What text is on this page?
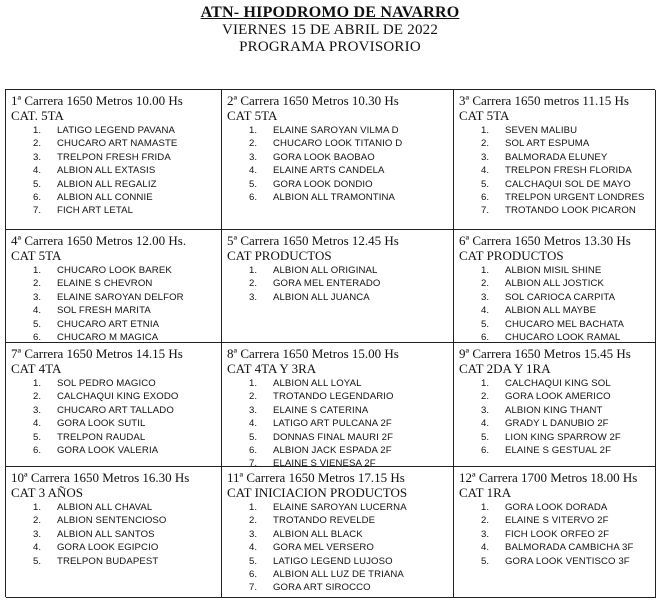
ATN- HIPODROMO DE NAVARRO
VIERNES 15 DE ABRIL DE 2022
PROGRAMA PROVISORIO
1ª Carrera 1650 Metros 10.00 Hs
CAT. 5TA
1.	LATIGO LEGEND PAVANA
2.	CHUCARO ART NAMASTE
3.	TRELPON FRESH FRIDA
4.	ALBION ALL EXTASIS
5.	ALBION ALL REGALIZ
6.	ALBION ALL CONNIE
7.	FICH ART LETAL
2ª Carrera 1650 Metros 10.30 Hs
CAT 5TA
1.	ELAINE SAROYAN VILMA D
2.	CHUCARO LOOK TITANIO D
3.	GORA LOOK BAOBAO
4.	ELAINE ARTS CANDELA
5.	GORA LOOK DONDIO
6.	ALBION ALL TRAMONTINA
3ª Carrera 1650 metros 11.15 Hs
CAT 5TA
1.	SEVEN MALIBU
2.	SOL ART ESPUMA
3.	BALMORADA ELUNEY
4.	TRELPON FRESH FLORIDA
5.	CALCHAQUI SOL DE MAYO
6.	TRELPON URGENT LONDRES
7.	TROTANDO LOOK PICARON
4ª Carrera 1650 Metros 12.00 Hs.
CAT 5TA
1.	CHUCARO LOOK BAREK
2.	ELAINE S CHEVRON
3.	ELAINE SAROYAN DELFOR
4.	SOL FRESH MARITA
5.	CHUCARO ART ETNIA
6.	CHUCARO M MAGICA
5ª Carrera 1650 Metros 12.45 Hs
CAT PRODUCTOS
1.	ALBION ALL ORIGINAL
2.	GORA MEL ENTERADO
3.	ALBION ALL JUANCA
6ª Carrera 1650 Metros 13.30 Hs
CAT PRODUCTOS
1.	ALBION MISIL SHINE
2.	ALBION ALL JOSTICK
3.	SOL CARIOCA CARPITA
4.	ALBION ALL MAYBE
5.	CHUCARO MEL BACHATA
6.	CHUCARO LOOK RAMAL
7ª Carrera 1650 Metros 14.15 Hs
CAT 4TA
1.	SOL PEDRO MAGICO
2.	CALCHAQUI KING EXODO
3.	CHUCARO ART TALLADO
4.	GORA LOOK SUTIL
5.	TRELPON RAUDAL
6.	GORA LOOK VALERIA
8ª Carrera 1650 Metros 15.00 Hs
CAT 4TA Y 3RA
1.	ALBION ALL LOYAL
2.	TROTANDO LEGENDARIO
3.	ELAINE S CATERINA
4.	LATIGO ART PULCANA 2F
5.	DONNAS FINAL MAURI 2F
6.	ALBION JACK ESPADA 2F
7.	ELAINE S VIENESA 2F
9ª Carrera 1650 Metros 15.45 Hs
CAT 2DA Y 1RA
1.	CALCHAQUI KING SOL
2.	GORA LOOK AMERICO
3.	ALBION KING THANT
4.	GRADY L DANUBIO 2F
5.	LION KING SPARROW 2F
6.	ELAINE S GESTUAL 2F
10ª Carrera 1650 Metros 16.30 Hs
CAT 3 AÑOS
1.	ALBION ALL CHAVAL
2.	ALBION SENTENCIOSO
3.	ALBION ALL SANTOS
4.	GORA LOOK EGIPCIO
5.	TRELPON BUDAPEST
11ª Carrera 1650 Metros 17.15 Hs
CAT INICIACION PRODUCTOS
1.	ELAINE SAROYAN LUCERNA
2.	TROTANDO REVELDE
3.	ALBION ALL BLACK
4.	GORA MEL VERSERO
5.	LATIGO LEGEND LUJOSO
6.	ALBION ALL LUZ DE TRIANA
7.	GORA ART SIROCCO
12ª Carrera 1700 Metros 18.00 Hs
CAT 1RA
1.	GORA LOOK DORADA
2.	ELAINE S VITERVO 2F
3.	FICH LOOK ORFEO 2F
4.	BALMORADA CAMBICHA 3F
5.	GORA LOOK VENTISCO 3F
